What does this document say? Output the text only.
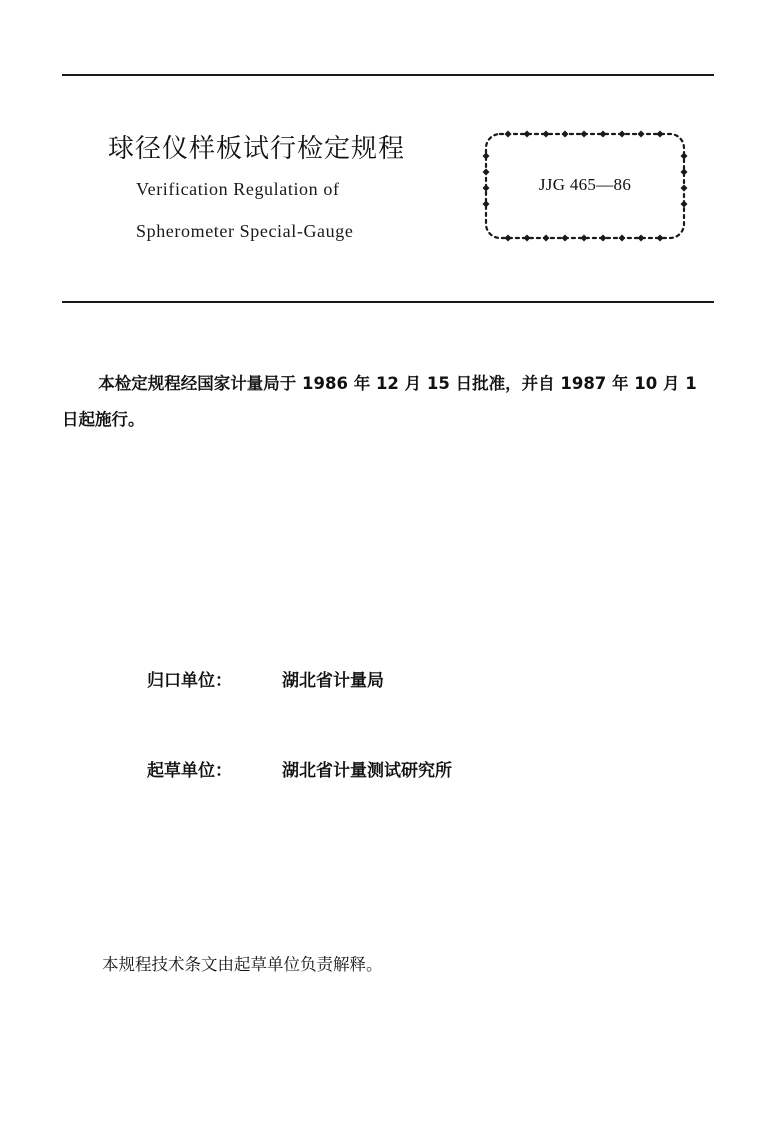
球径仪样板试行检定规程
Verification Regulation of
Spherometer Special-Gauge
JJG 465—86

本检定规程经国家计量局于 1986 年 12 月 15 日批准，并自 1987 年 10 月 1 日起施行。

归口单位：	湖北省计量局
起草单位：	湖北省计量测试研究所

本规程技术条文由起草单位负责解释。
